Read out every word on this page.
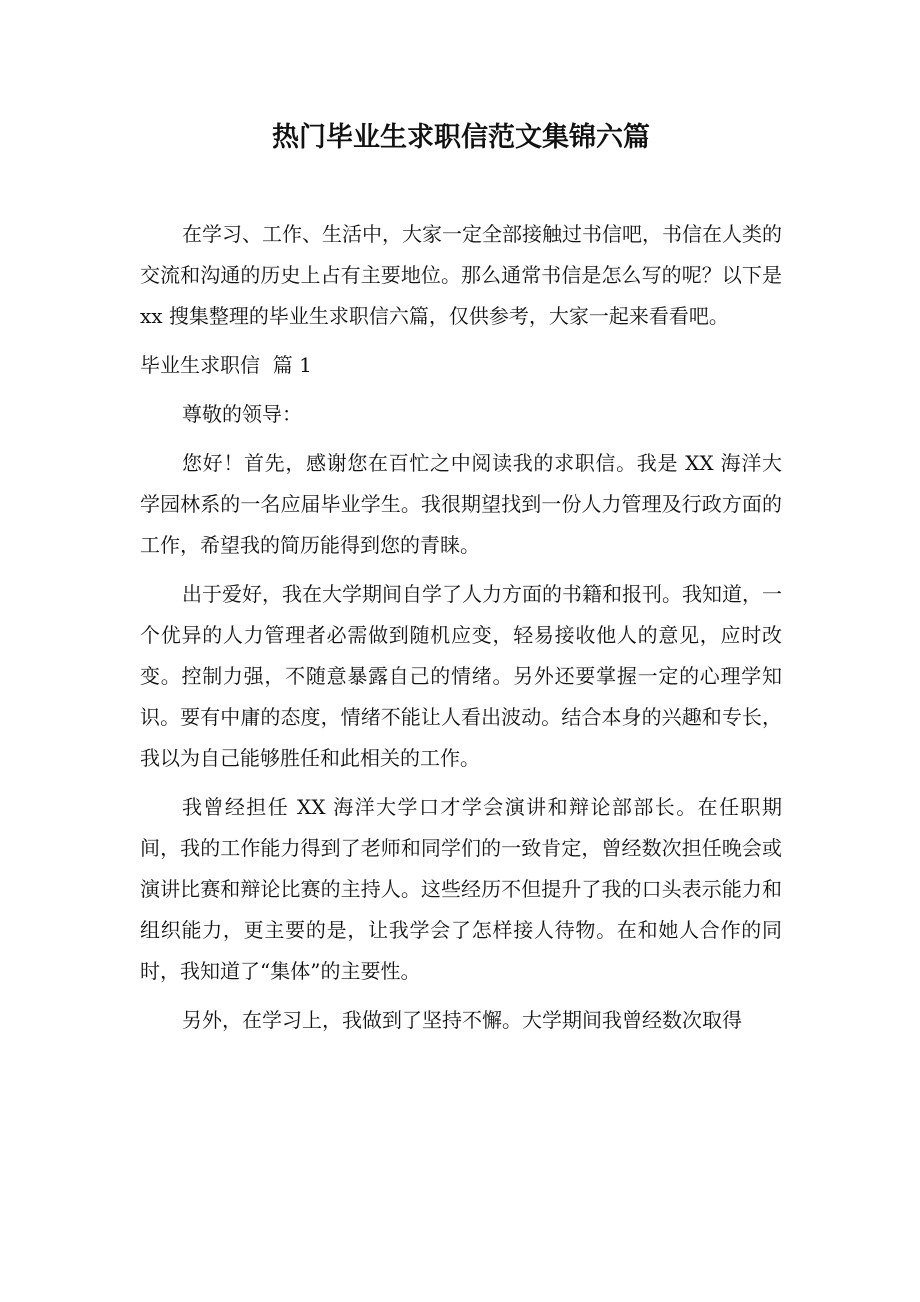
热门毕业生求职信范文集锦六篇

在学习、工作、生活中，大家一定全部接触过书信吧，书信在人类的交流和沟通的历史上占有主要地位。那么通常书信是怎么写的呢？以下是 xx 搜集整理的毕业生求职信六篇，仅供参考，大家一起来看看吧。

毕业生求职信  篇 1

尊敬的领导：

您好！首先，感谢您在百忙之中阅读我的求职信。我是 XX 海洋大学园林系的一名应届毕业学生。我很期望找到一份人力管理及行政方面的工作，希望我的简历能得到您的青睐。

出于爱好，我在大学期间自学了人力方面的书籍和报刊。我知道，一个优异的人力管理者必需做到随机应变，轻易接收他人的意见，应时改变。控制力强，不随意暴露自己的情绪。另外还要掌握一定的心理学知识。要有中庸的态度，情绪不能让人看出波动。结合本身的兴趣和专长，我以为自己能够胜任和此相关的工作。

我曾经担任 XX 海洋大学口才学会演讲和辩论部部长。在任职期间，我的工作能力得到了老师和同学们的一致肯定，曾经数次担任晚会或演讲比赛和辩论比赛的主持人。这些经历不但提升了我的口头表示能力和组织能力，更主要的是，让我学会了怎样接人待物。在和她人合作的同时，我知道了“集体”的主要性。

另外，在学习上，我做到了坚持不懈。大学期间我曾经数次取得
